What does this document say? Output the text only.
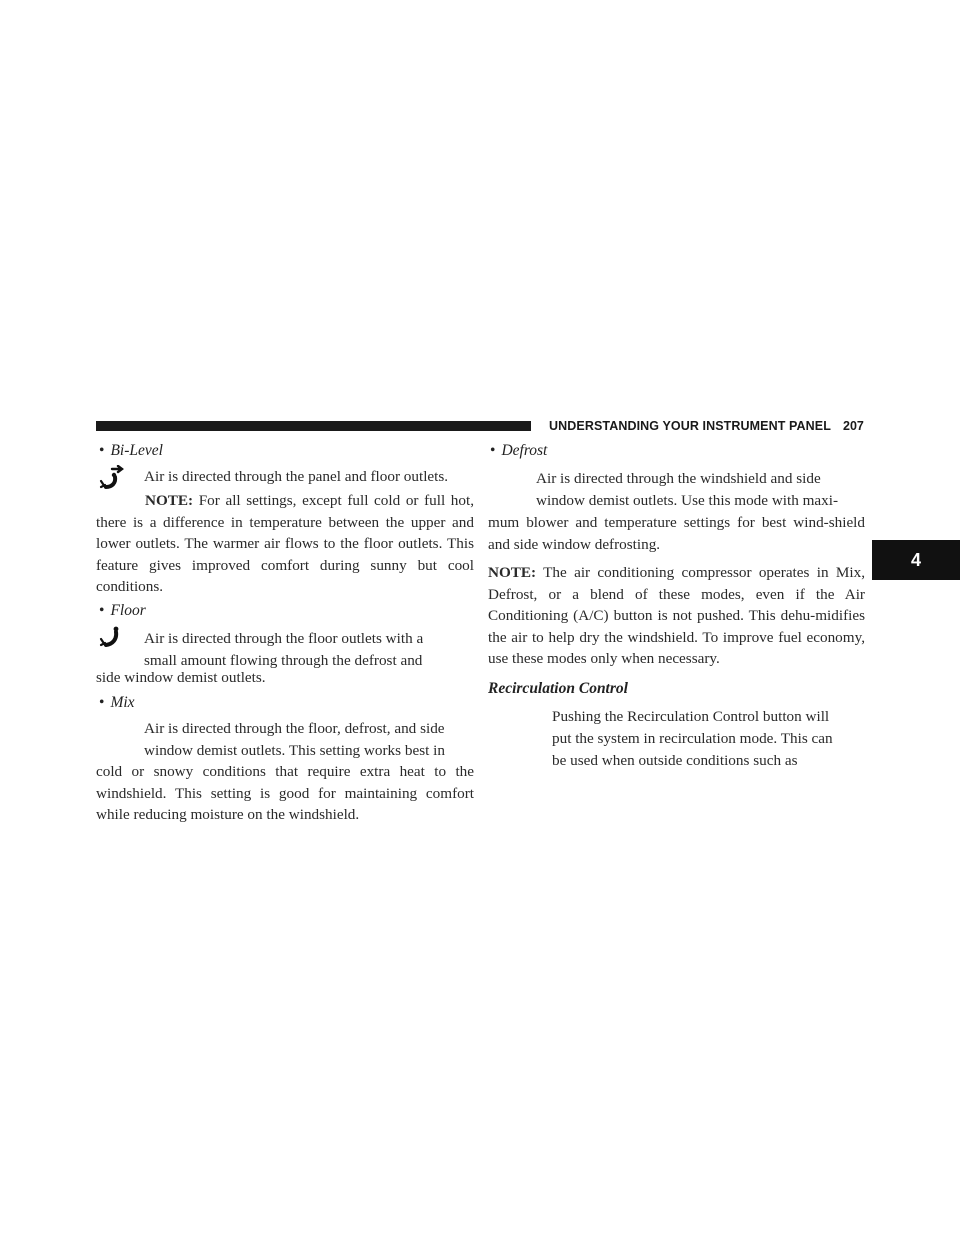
UNDERSTANDING YOUR INSTRUMENT PANEL 207
4
• Bi-Level

Air is directed through the panel and floor outlets.

NOTE: For all settings, except full cold or full hot, there is a difference in temperature between the upper and lower outlets. The warmer air flows to the floor outlets. This feature gives improved comfort during sunny but cool conditions.

• Floor

Air is directed through the floor outlets with a

small amount flowing through the defrost and

side window demist outlets.

• Mix

Air is directed through the floor, defrost, and side

window demist outlets. This setting works best in

cold or snowy conditions that require extra heat to the windshield. This setting is good for maintaining comfort while reducing moisture on the windshield.

• Defrost

Air is directed through the windshield and side

window demist outlets. Use this mode with maxi-

mum blower and temperature settings for best wind-shield and side window defrosting.

NOTE: The air conditioning compressor operates in Mix, Defrost, or a blend of these modes, even if the Air Conditioning (A/C) button is not pushed. This dehu-midifies the air to help dry the windshield. To improve fuel economy, use these modes only when necessary.

Recirculation Control

Pushing the Recirculation Control button will

put the system in recirculation mode. This can

be used when outside conditions such as
